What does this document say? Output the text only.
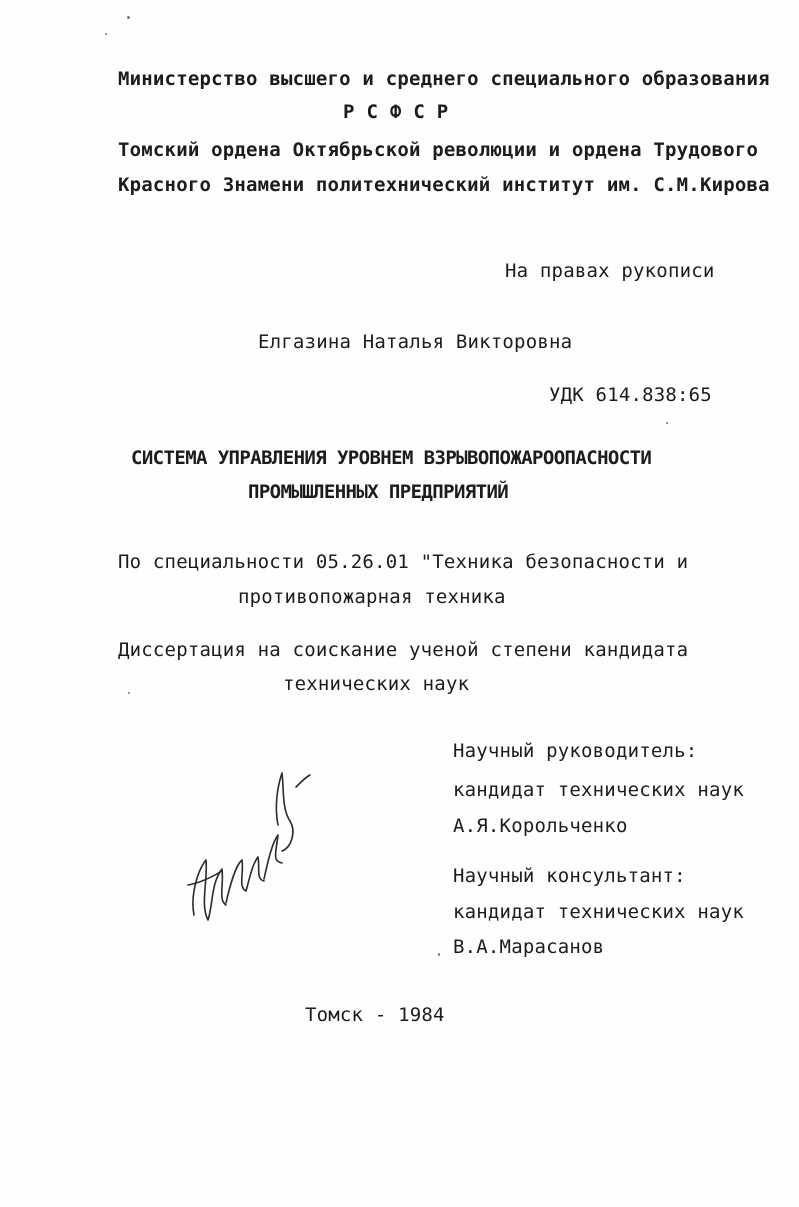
Министерство высшего и среднего специального образования
РСФСР
Томский ордена Октябрьской революции и ордена Трудового
Красного Знамени политехнический институт им. С.М.Кирова
На правах рукописи
Елгазина Наталья Викторовна
УДК 614.838:65
СИСТЕМА УПРАВЛЕНИЯ УРОВНЕМ ВЗРЫВОПОЖАРООПАСНОСТИ
ПРОМЫШЛЕННЫХ ПРЕДПРИЯТИЙ
По специальности 05.26.01 "Техника безопасности и
противопожарная техника
Диссертация на соискание ученой степени кандидата
технических наук
Научный руководитель:
кандидат технических наук
А.Я.Корольченко
Научный консультант:
кандидат технических наук
В.А.Марасанов
Томск - 1984
